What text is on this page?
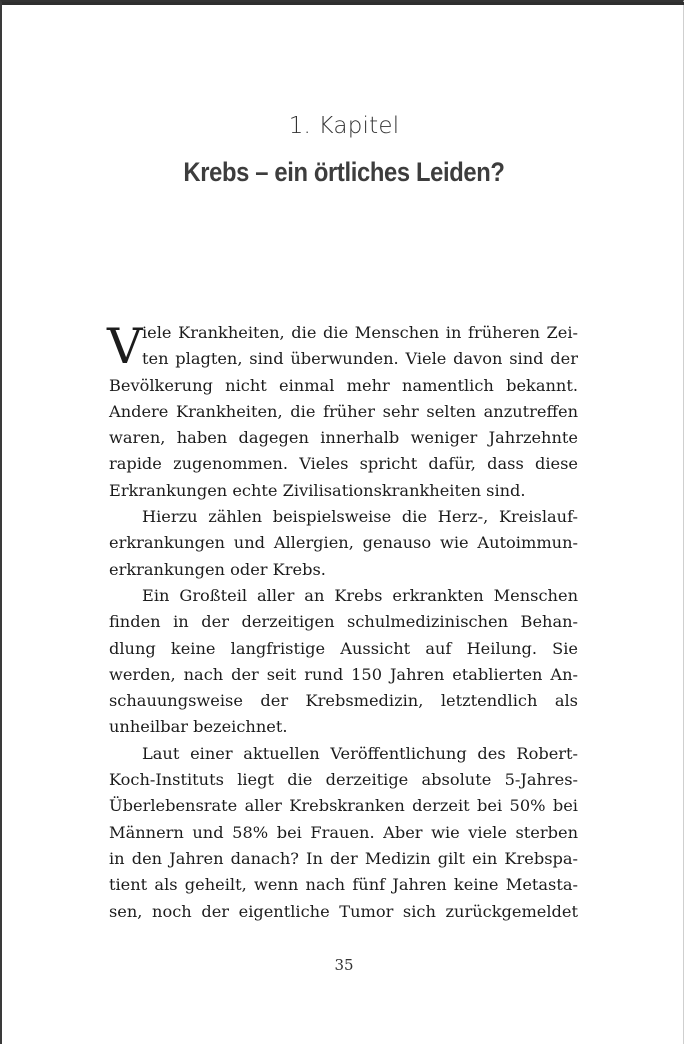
1. Kapitel
Krebs – ein örtliches Leiden?
V iele Krankheiten, die die Menschen in früheren Zei-
ten plagten, sind überwunden. Viele davon sind der
Bevölkerung nicht einmal mehr namentlich bekannt.
Andere Krankheiten, die früher sehr selten anzutreffen
waren, haben dagegen innerhalb weniger Jahrzehnte
rapide zugenommen. Vieles spricht dafür, dass diese
Erkrankungen echte Zivilisationskrankheiten sind.
Hierzu zählen beispielsweise die Herz-, Kreislauf-
erkrankungen und Allergien, genauso wie Autoimmun-
erkrankungen oder Krebs.
Ein Großteil aller an Krebs erkrankten Menschen
finden in der derzeitigen schulmedizinischen Behan-
dlung keine langfristige Aussicht auf Heilung. Sie
werden, nach der seit rund 150 Jahren etablierten An-
schauungsweise der Krebsmedizin, letztendlich als
unheilbar bezeichnet.
Laut einer aktuellen Veröffentlichung des Robert-
Koch-Instituts liegt die derzeitige absolute 5-Jahres-
Überlebensrate aller Krebskranken derzeit bei 50% bei
Männern und 58% bei Frauen. Aber wie viele sterben
in den Jahren danach? In der Medizin gilt ein Krebspa-
tient als geheilt, wenn nach fünf Jahren keine Metasta-
sen, noch der eigentliche Tumor sich zurückgemeldet
35
